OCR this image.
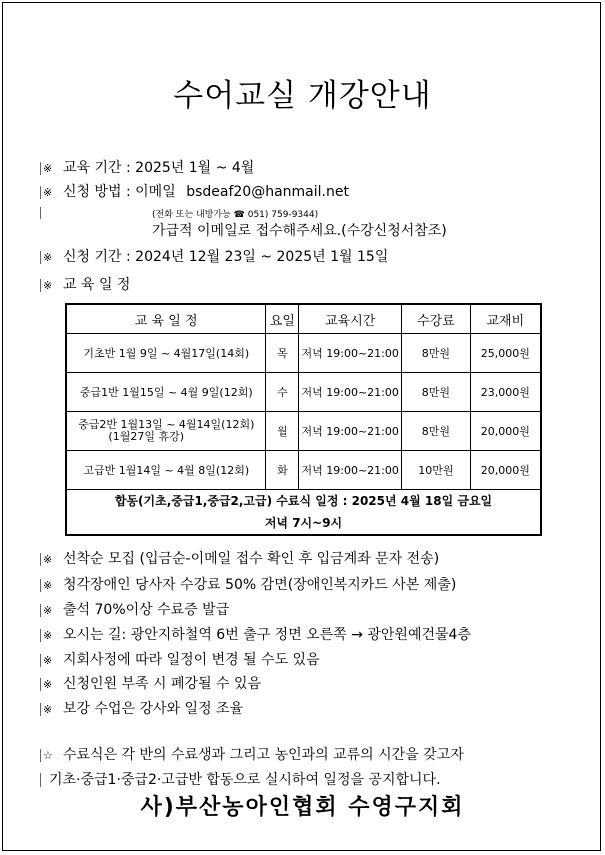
수어교실 개강안내
※ 교육 기간 : 2025년 1월 ~ 4월
※ 신청 방법 : 이메일 bsdeaf20@hanmail.net
(전화 또는 내방가능 ☎ 051) 759-9344)
가급적 이메일로 접수해주세요.(수강신청서참조)
※ 신청 기간 : 2024년 12월 23일 ~ 2025년 1월 15일
※ 교 육 일 정
교 육 일 정	요일	교육시간	수강료	교재비

기초반 1월 9일 ~ 4월17일(14회)	목	저녁 19:00~21:00	8만원	25,000원

중급1반 1월15일 ~ 4월 9일(12회)	수	저녁 19:00~21:00	8만원	23,000원

중급2반 1월13일 ~ 4월14일(12회)
(1월27일 휴강)	월	저녁 19:00~21:00	8만원	20,000원

고급반 1월14일 ~ 4월 8일(12회)	화	저녁 19:00~21:00	10만원	20,000원

합동(기초,중급1,중급2,고급) 수료식 일정 : 2025년 4월 18일 금요일
저녁 7시~9시				
※ 선착순 모집 (입금순-이메일 접수 확인 후 입금계좌 문자 전송)
※ 청각장애인 당사자 수강료 50% 감면(장애인복지카드 사본 제출)
※ 출석 70%이상 수료증 발급
※ 오시는 길: 광안지하철역 6번 출구 정면 오른쪽 → 광안원예건물4층
※ 지회사정에 따라 일정이 변경 될 수도 있음
※ 신청인원 부족 시 폐강될 수 있음
※ 보강 수업은 강사와 일정 조율
☆ 수료식은 각 반의 수료생과 그리고 농인과의 교류의 시간을 갖고자
기초·중급1·중급2·고급반 합동으로 실시하여 일정을 공지합니다.
사)부산농아인협회 수영구지회
